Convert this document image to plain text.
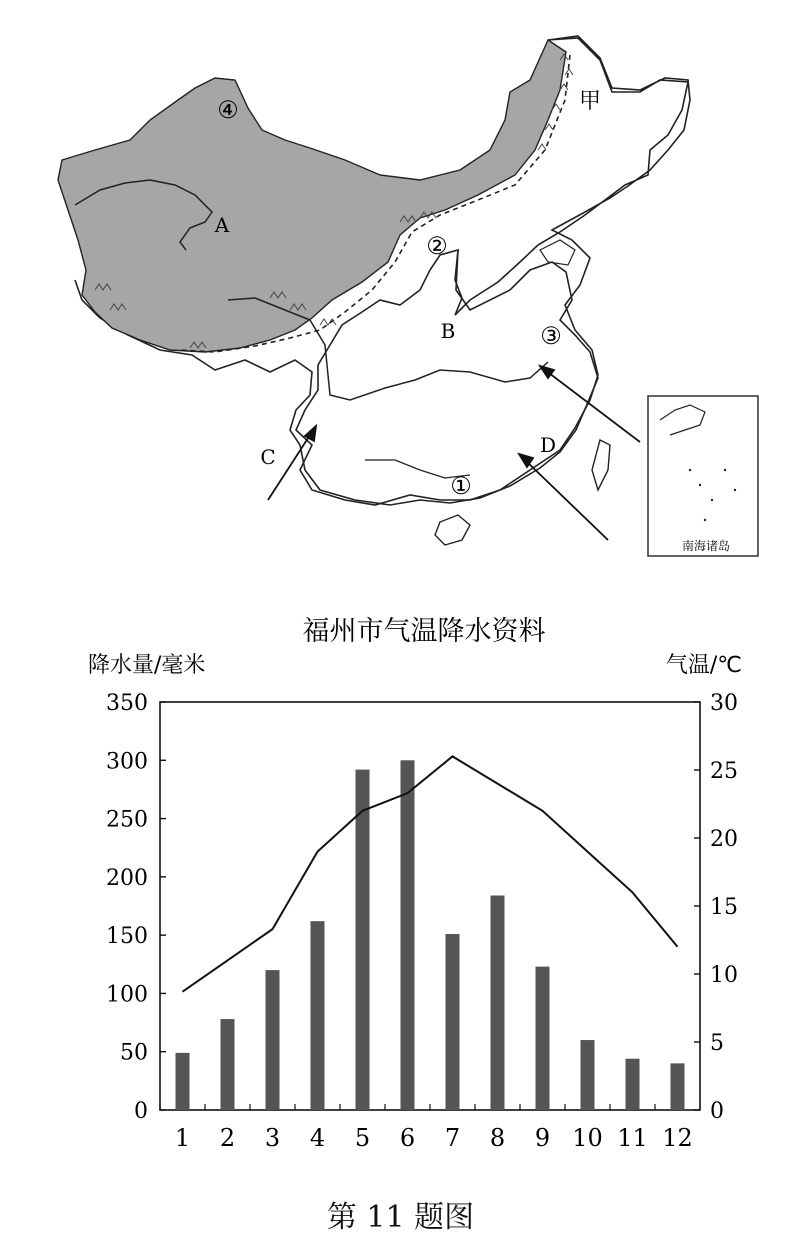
南海诸岛
④
A
②
甲
B	③
C	D
①
福州市气温降水资料
降水量/毫米	气温/℃
0
50
100
150
200
250
300
350
0
5
10
15
20
25
30
1 2 3 4 5 6 7 8 9 10 11 12
第 11 题图
